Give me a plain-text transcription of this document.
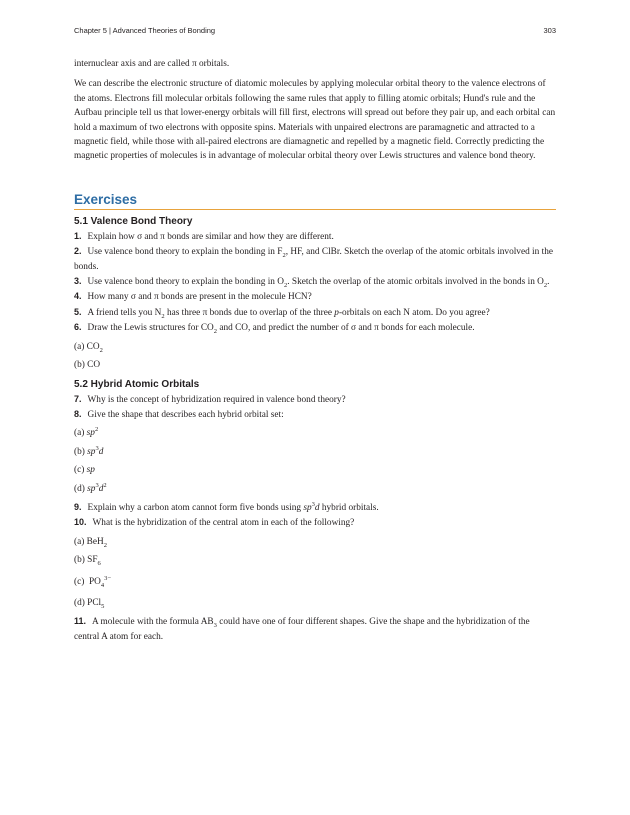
Chapter 5 | Advanced Theories of Bonding	303

internuclear axis and are called π orbitals.

We can describe the electronic structure of diatomic molecules by applying molecular orbital theory to the valence electrons of the atoms. Electrons fill molecular orbitals following the same rules that apply to filling atomic orbitals; Hund's rule and the Aufbau principle tell us that lower-energy orbitals will fill first, electrons will spread out before they pair up, and each orbital can hold a maximum of two electrons with opposite spins. Materials with unpaired electrons are paramagnetic and attracted to a magnetic field, while those with all-paired electrons are diamagnetic and repelled by a magnetic field. Correctly predicting the magnetic properties of molecules is in advantage of molecular orbital theory over Lewis structures and valence bond theory.

Exercises
5.1 Valence Bond Theory

1. Explain how σ and π bonds are similar and how they are different.

2. Use valence bond theory to explain the bonding in $F_2$, HF, and ClBr. Sketch the overlap of the atomic orbitals involved in the bonds.

3. Use valence bond theory to explain the bonding in $O_2$. Sketch the overlap of the atomic orbitals involved in the bonds in $O_2$.

4. How many σ and π bonds are present in the molecule HCN?

5. A friend tells you $N_2$ has three π bonds due to overlap of the three p-orbitals on each N atom. Do you agree?

6. Draw the Lewis structures for $CO_2$ and CO, and predict the number of σ and π bonds for each molecule.

(a) $CO_2$

(b) CO

5.2 Hybrid Atomic Orbitals

7. Why is the concept of hybridization required in valence bond theory?

8. Give the shape that describes each hybrid orbital set:

(a) $sp^2$

(b) $sp^3d$

(c) sp

(d) $sp^3d^2$

9. Explain why a carbon atom cannot form five bonds using $sp^3d$ hybrid orbitals.

10. What is the hybridization of the central atom in each of the following?

(a) BeH$_2$

(b) $SF_6$

(c) $PO_4^{3-}$

(d) PCl$_5$

11. A molecule with the formula $AB_3$ could have one of four different shapes. Give the shape and the hybridization of the central A atom for each.
